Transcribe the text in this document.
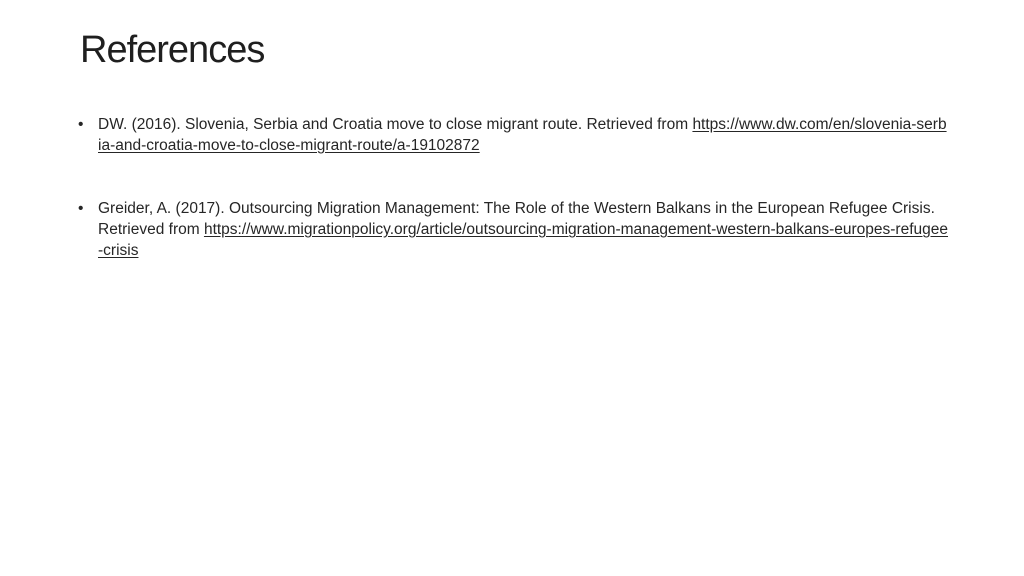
References
• DW. (2016). Slovenia, Serbia and Croatia move to close migrant route. Retrieved from https://www.dw.com/en/slovenia-serbia-and-croatia-move-to-close-migrant-route/a-19102872
• Greider, A. (2017). Outsourcing Migration Management: The Role of the Western Balkans in the European Refugee Crisis. Retrieved from https://www.migrationpolicy.org/article/outsourcing-migration-management-western-balkans-europes-refugee-crisis
